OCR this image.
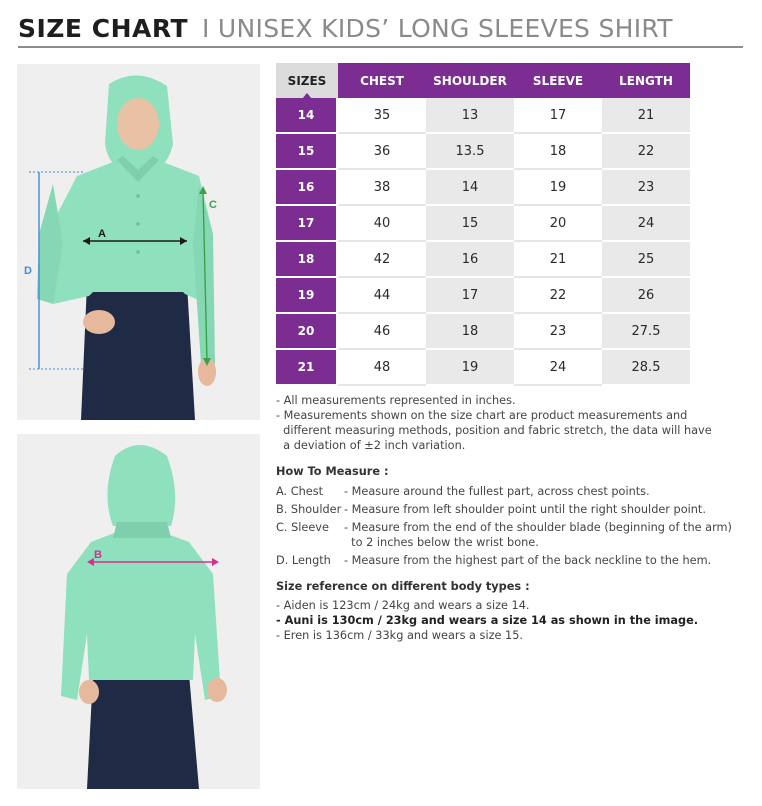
SIZE CHART I UNISEX KIDS’ LONG SLEEVES SHIRT
A
C
D
B
SIZES	CHEST	SHOULDER	SLEEVE	LENGTH
14	35	13	17	21
15	36	13.5	18	22
16	38	14	19	23
17	40	15	20	24
18	42	16	21	25
19	44	17	22	26
20	46	18	23	27.5
21	48	19	24	28.5

- All measurements represented in inches.

- Measurements shown on the size chart are product measurements and

different measuring methods, position and fabric stretch, the data will have

a deviation of ±2 inch variation.

How To Measure :
A. Chest - Measure around the fullest part, across chest points.
B. Shoulder - Measure from left shoulder point until the right shoulder point.
C. Sleeve - Measure from the end of the shoulder blade (beginning of the arm)
to 2 inches below the wrist bone.
D. Length - Measure from the highest part of the back neckline to the hem.
Size reference on different body types :

- Aiden is 123cm / 24kg and wears a size 14.

- Auni is 130cm / 23kg and wears a size 14 as shown in the image.

- Eren is 136cm / 33kg and wears a size 15.
